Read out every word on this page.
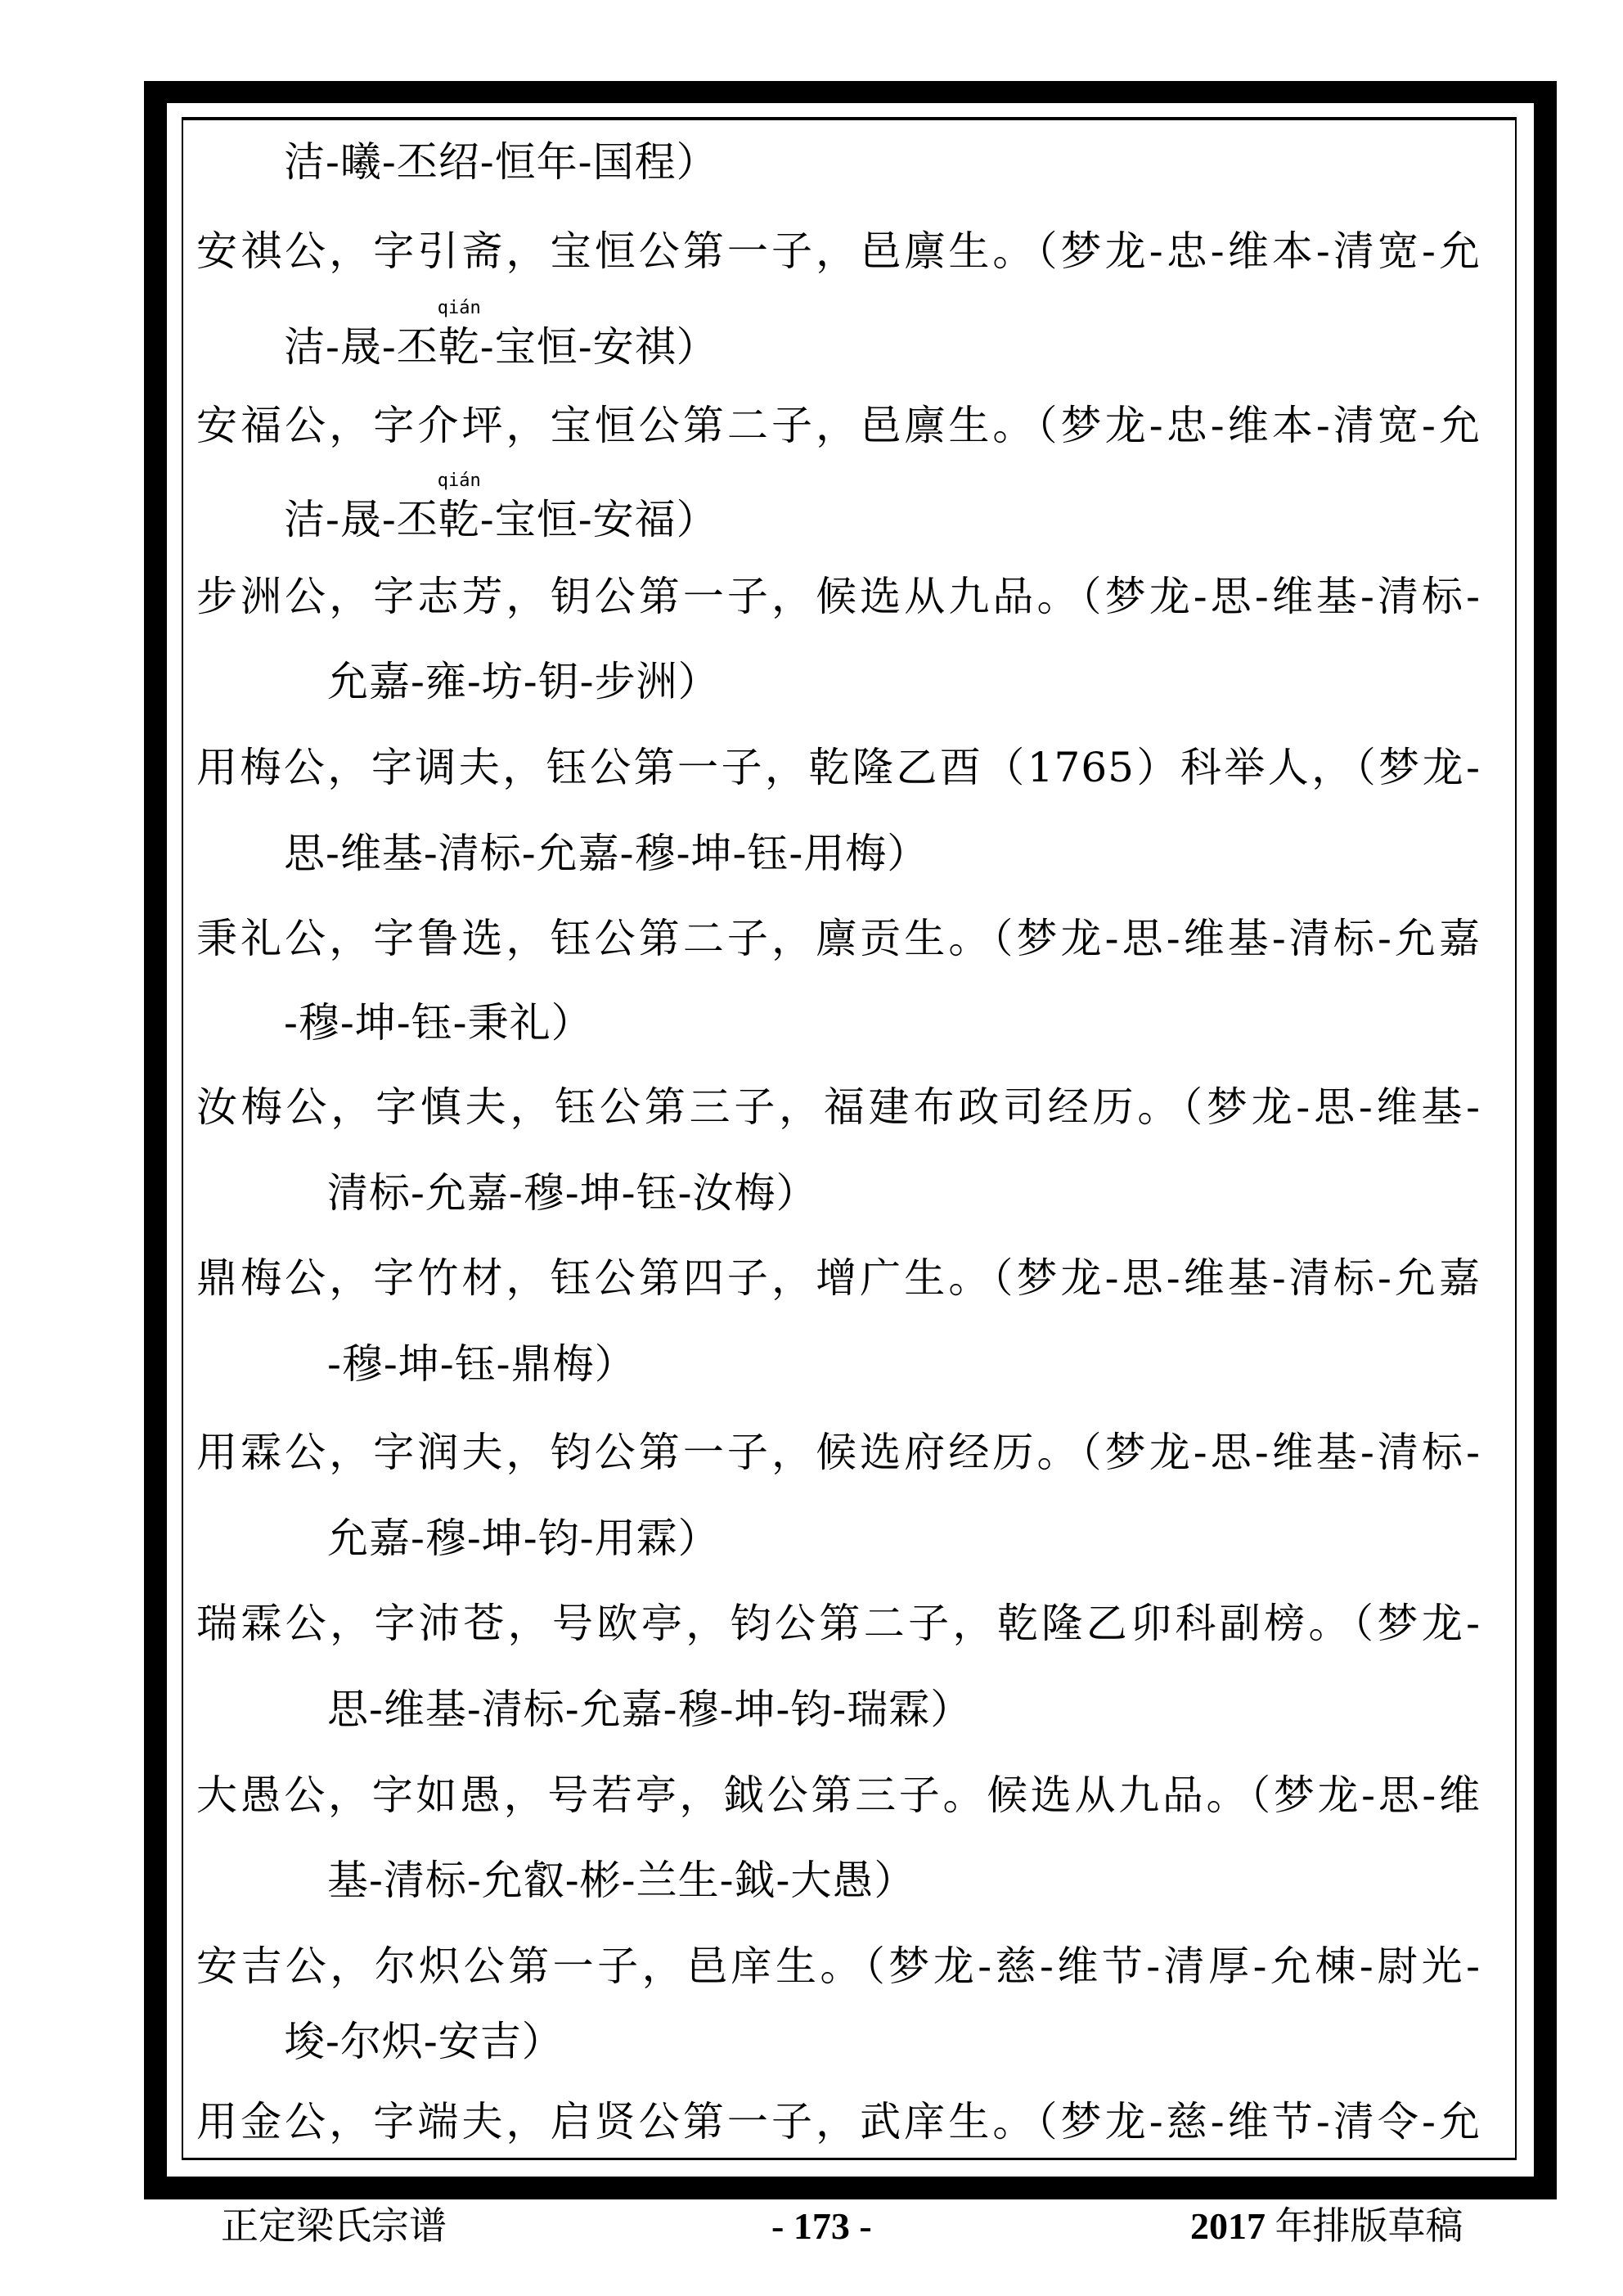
洁-曦-丕绍-恒年-国程）
安祺公，字引斋，宝恒公第一子，邑廪生。（梦龙-忠-维本-清宽-允
洁-晟-丕
qián
乾-宝恒-安祺）
安福公，字介坪，宝恒公第二子，邑廪生。（梦龙-忠-维本-清宽-允
洁-晟-丕
qián
乾-宝恒-安福）
步洲公，字志芳，钥公第一子，候选从九品。（梦龙-思-维基-清标-
允嘉-雍-坊-钥-步洲）
用梅公，字调夫，钰公第一子，乾隆乙酉（1765）科举人，（梦龙-
思-维基-清标-允嘉-穆-坤-钰-用梅）
秉礼公，字鲁选，钰公第二子，廪贡生。（梦龙-思-维基-清标-允嘉
-穆-坤-钰-秉礼）
汝梅公，字慎夫，钰公第三子，福建布政司经历。（梦龙-思-维基-
清标-允嘉-穆-坤-钰-汝梅）
鼎梅公，字竹材，钰公第四子，增广生。（梦龙-思-维基-清标-允嘉
-穆-坤-钰-鼎梅）
用霖公，字润夫，钧公第一子，候选府经历。（梦龙-思-维基-清标-
允嘉-穆-坤-钧-用霖）
瑞霖公，字沛苍，号欧亭，钧公第二子，乾隆乙卯科副榜。（梦龙-
思-维基-清标-允嘉-穆-坤-钧-瑞霖）
大愚公，字如愚，号若亭，鉞公第三子。候选从九品。（梦龙-思-维
基-清标-允叡-彬-兰生-鉞-大愚）
安吉公，尔炽公第一子，邑庠生。（梦龙-慈-维节-清厚-允棟-尉光-
埈-尔炽-安吉）
用金公，字端夫，启贤公第一子，武庠生。（梦龙-慈-维节-清令-允
正定梁氏宗谱	- 173 -	2017 年排版草稿
